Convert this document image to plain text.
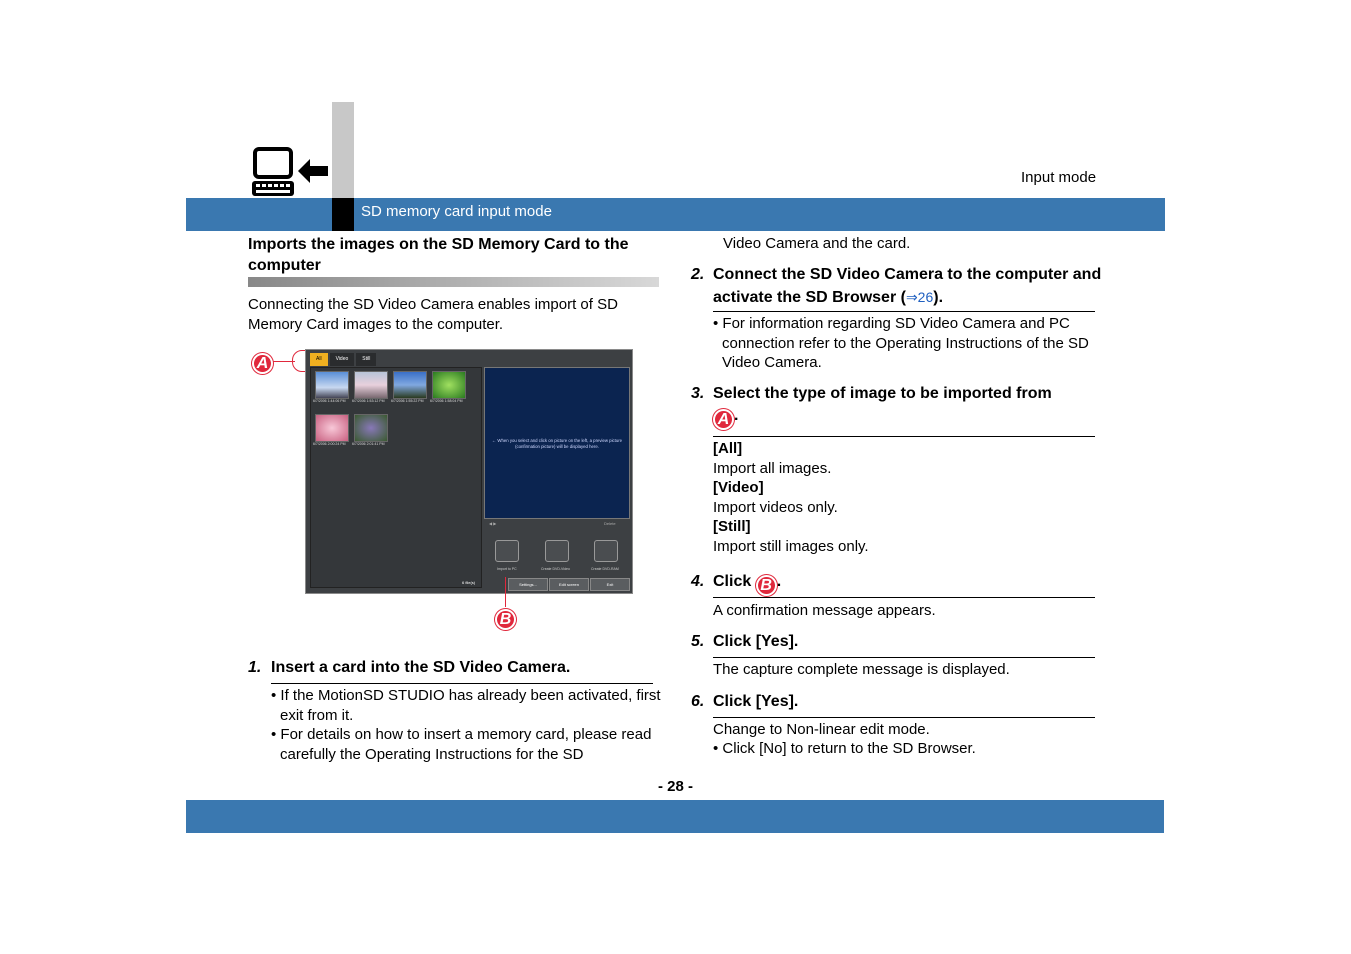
SD memory card input mode
Input mode
Imports the images on the SD Memory Card to the computer
Connecting the SD Video Camera enables import of SD Memory Card images to the computer.
A	All	Video	Still
6/7/2006 1:44:06 PM 6/7/2006 1:53:12 PM 6/7/2006 1:55:22 PM 6/7/2006 1:58:04 PM
6/7/2006 2:00:24 PM 6/7/2006 2:01:41 PM
6 file(s)
← When you select and click on picture on the left, a preview picture (confirmation picture) will be displayed here.
◀ ▶	Delete
Import to PC	Create DVD-Video	Create DVD-RAM
Settings...	Edit screen	Exit
B
1. Insert a card into the SD Video Camera.
• If the MotionSD STUDIO has already been activated, first exit from it.
• For details on how to insert a memory card, please read carefully the Operating Instructions for the SD
Video Camera and the card.
2. Connect the SD Video Camera to the computer and activate the SD Browser (⇒26).
• For information regarding SD Video Camera and PC connection refer to the Operating Instructions of the SD Video Camera.
3. Select the type of image to be imported from
A .
[All]
Import all images.
[Video]
Import videos only.
[Still]
Import still images only.
4. Click B .
A confirmation message appears.
5. Click [Yes].
The capture complete message is displayed.
6. Click [Yes].
Change to Non-linear edit mode.
• Click [No] to return to the SD Browser.
- 28 -
